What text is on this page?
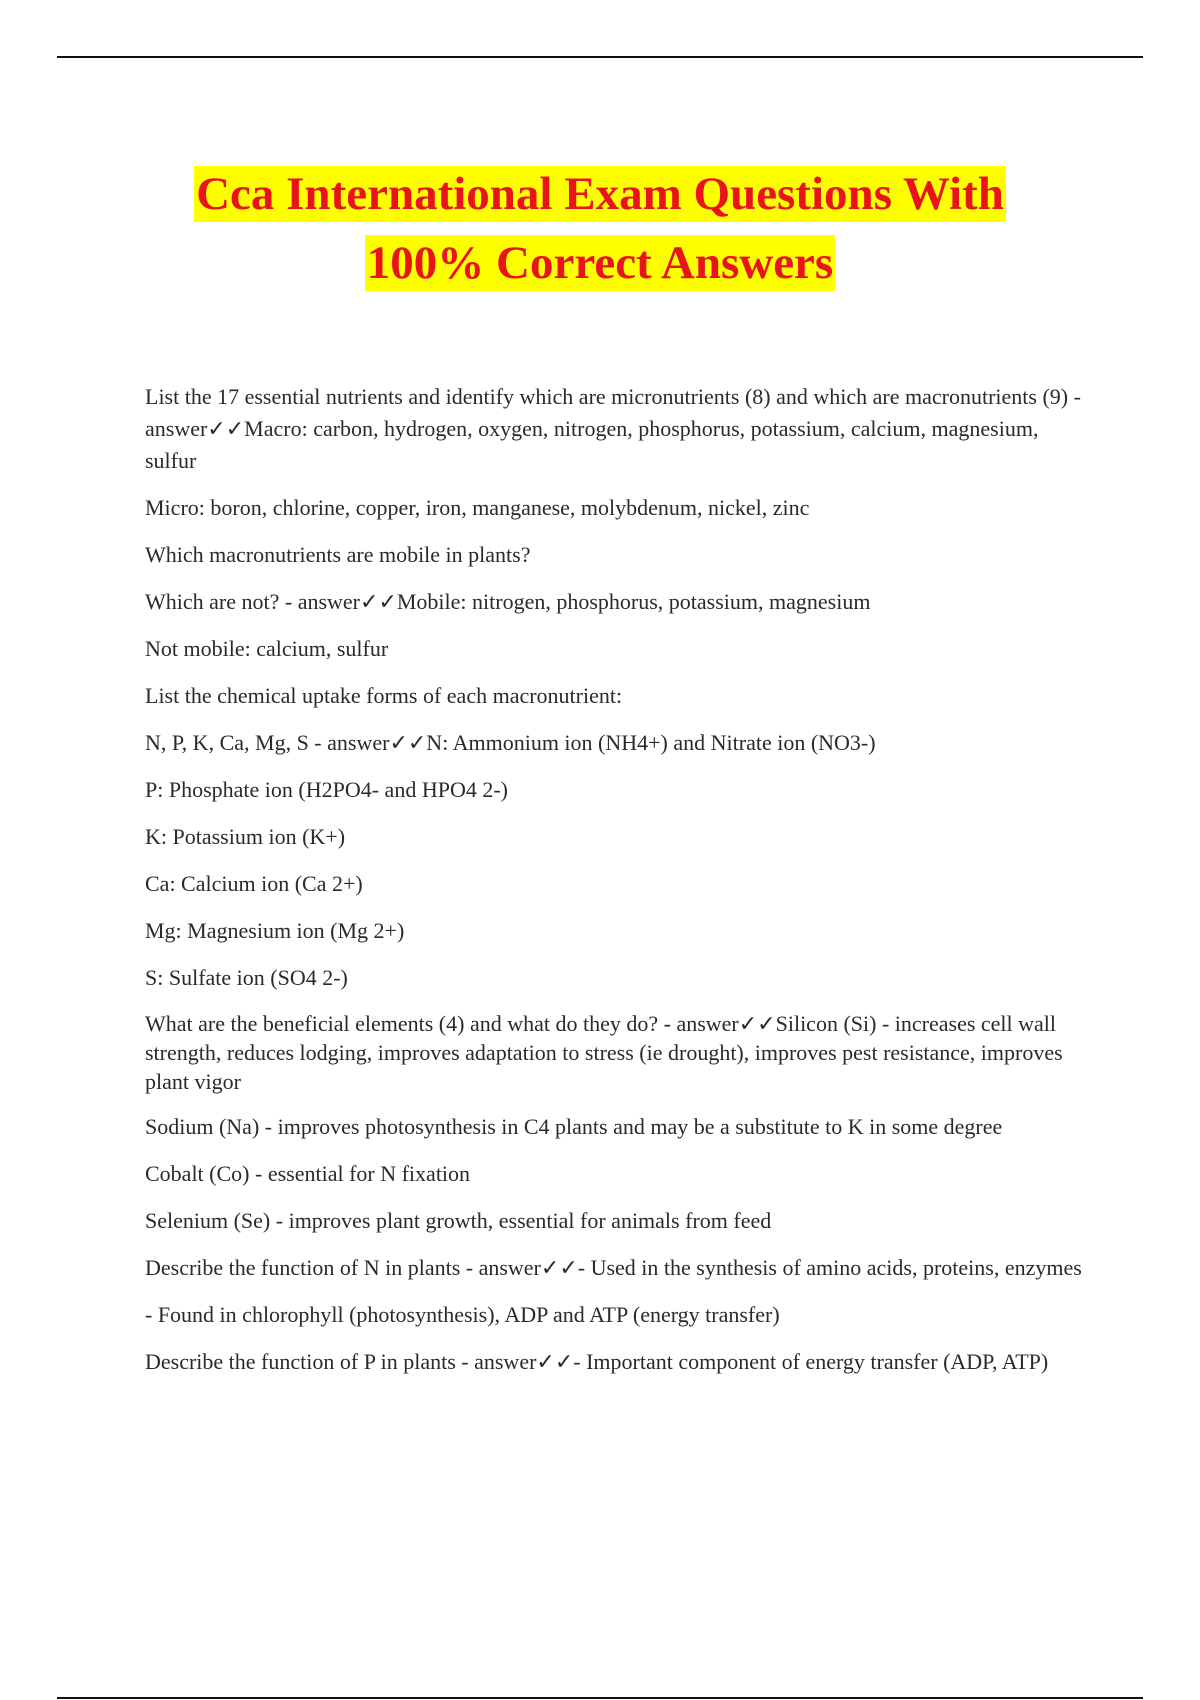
Cca International Exam Questions With
100% Correct Answers

List the 17 essential nutrients and identify which are micronutrients (8) and which are macronutrients (9) - answer✓✓Macro: carbon, hydrogen, oxygen, nitrogen, phosphorus, potassium, calcium, magnesium, sulfur

Micro: boron, chlorine, copper, iron, manganese, molybdenum, nickel, zinc

Which macronutrients are mobile in plants?

Which are not? - answer✓✓Mobile: nitrogen, phosphorus, potassium, magnesium

Not mobile: calcium, sulfur

List the chemical uptake forms of each macronutrient:

N, P, K, Ca, Mg, S - answer✓✓N: Ammonium ion (NH4+) and Nitrate ion (NO3-)

P: Phosphate ion (H2PO4- and HPO4 2-)

K: Potassium ion (K+)

Ca: Calcium ion (Ca 2+)

Mg: Magnesium ion (Mg 2+)

S: Sulfate ion (SO4 2-)

What are the beneficial elements (4) and what do they do? - answer✓✓Silicon (Si) - increases cell wall strength, reduces lodging, improves adaptation to stress (ie drought), improves pest resistance, improves plant vigor

Sodium (Na) - improves photosynthesis in C4 plants and may be a substitute to K in some degree

Cobalt (Co) - essential for N fixation

Selenium (Se) - improves plant growth, essential for animals from feed

Describe the function of N in plants - answer✓✓- Used in the synthesis of amino acids, proteins, enzymes

- Found in chlorophyll (photosynthesis), ADP and ATP (energy transfer)

Describe the function of P in plants - answer✓✓- Important component of energy transfer (ADP, ATP)
